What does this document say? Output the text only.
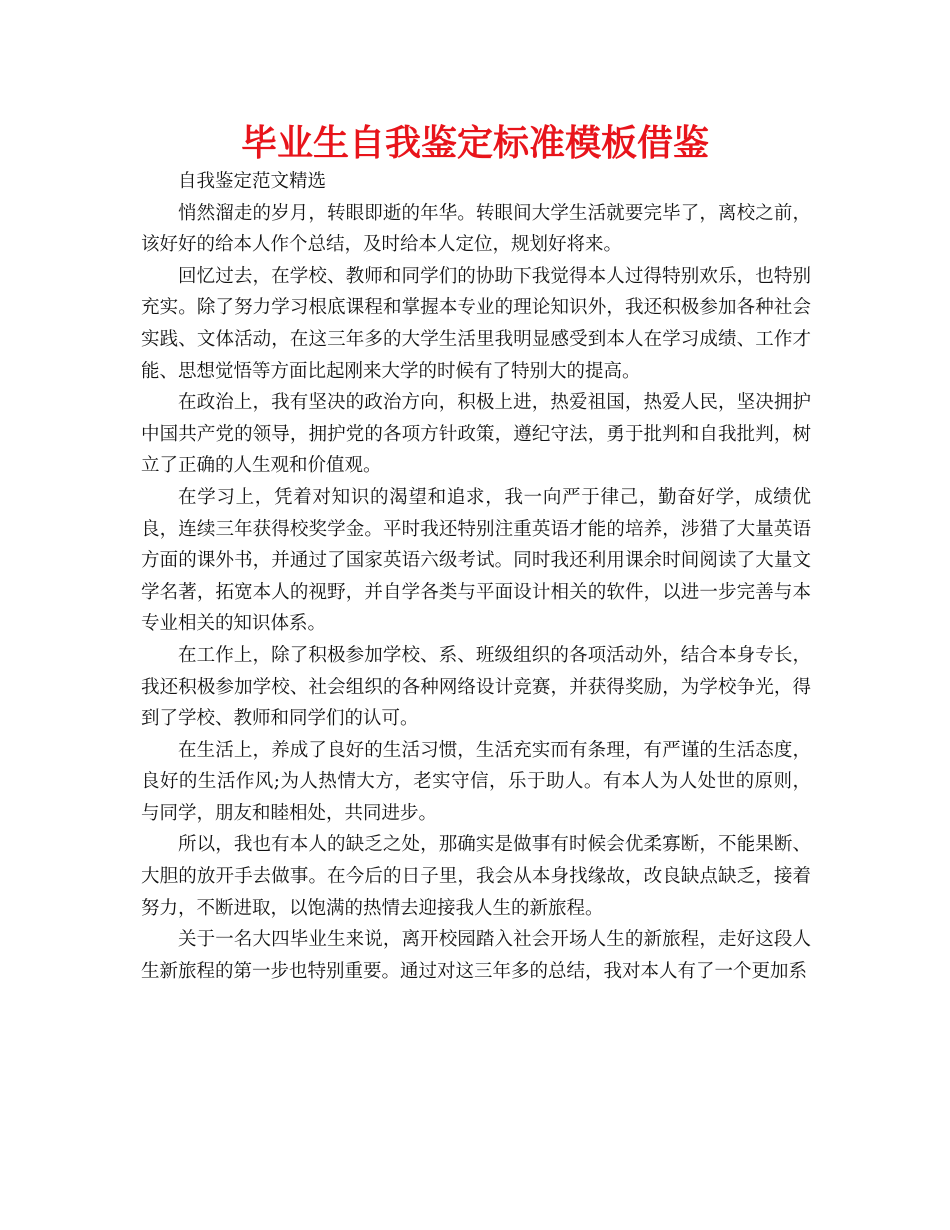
毕业生自我鉴定标准模板借鉴

自我鉴定范文精选

悄然溜走的岁月，转眼即逝的年华。转眼间大学生活就要完毕了，离校之前，该好好的给本人作个总结，及时给本人定位，规划好将来。

回忆过去，在学校、教师和同学们的协助下我觉得本人过得特别欢乐，也特别充实。除了努力学习根底课程和掌握本专业的理论知识外，我还积极参加各种社会实践、文体活动，在这三年多的大学生活里我明显感受到本人在学习成绩、工作才能、思想觉悟等方面比起刚来大学的时候有了特别大的提高。

在政治上，我有坚决的政治方向，积极上进，热爱祖国，热爱人民，坚决拥护中国共产党的领导，拥护党的各项方针政策，遵纪守法，勇于批判和自我批判，树立了正确的人生观和价值观。

在学习上，凭着对知识的渴望和追求，我一向严于律己，勤奋好学，成绩优良，连续三年获得校奖学金。平时我还特别注重英语才能的培养，涉猎了大量英语方面的课外书，并通过了国家英语六级考试。同时我还利用课余时间阅读了大量文学名著，拓宽本人的视野，并自学各类与平面设计相关的软件，以进一步完善与本专业相关的知识体系。

在工作上，除了积极参加学校、系、班级组织的各项活动外，结合本身专长，我还积极参加学校、社会组织的各种网络设计竞赛，并获得奖励，为学校争光，得到了学校、教师和同学们的认可。

在生活上，养成了良好的生活习惯，生活充实而有条理，有严谨的生活态度，良好的生活作风;为人热情大方，老实守信，乐于助人。有本人为人处世的原则，与同学，朋友和睦相处，共同进步。

所以，我也有本人的缺乏之处，那确实是做事有时候会优柔寡断，不能果断、大胆的放开手去做事。在今后的日子里，我会从本身找缘故，改良缺点缺乏，接着努力，不断进取，以饱满的热情去迎接我人生的新旅程。

关于一名大四毕业生来说，离开校园踏入社会开场人生的新旅程，走好这段人生新旅程的第一步也特别重要。通过对这三年多的总结，我对本人有了一个更加系
